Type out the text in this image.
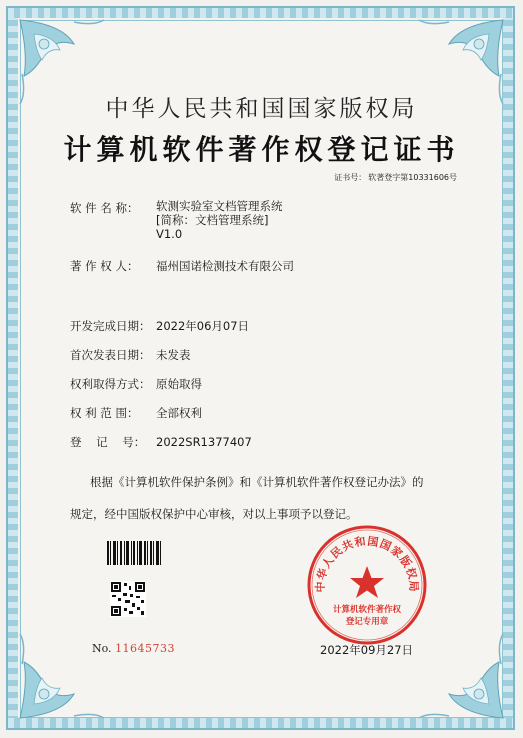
中华人民共和国国家版权局
计算机软件著作权登记证书
证书号： 软著登字第10331606号
软 件 名 称：	软测实验室文档管理系统
[简称：文档管理系统]
V1.0
著 作 权 人： 福州国诺检测技术有限公司
开发完成日期： 2022年06月07日
首次发表日期： 未发表
权利取得方式： 原始取得
权 利 范 围： 全部权利
登    记    号： 2022SR1377407
根据《计算机软件保护条例》和《计算机软件著作权登记办法》的
规定，经中国版权保护中心审核，对以上事项予以登记。
No. 11645733
中华人民共和国国家版权局
计算机软件著作权
登记专用章
2022年09月27日
